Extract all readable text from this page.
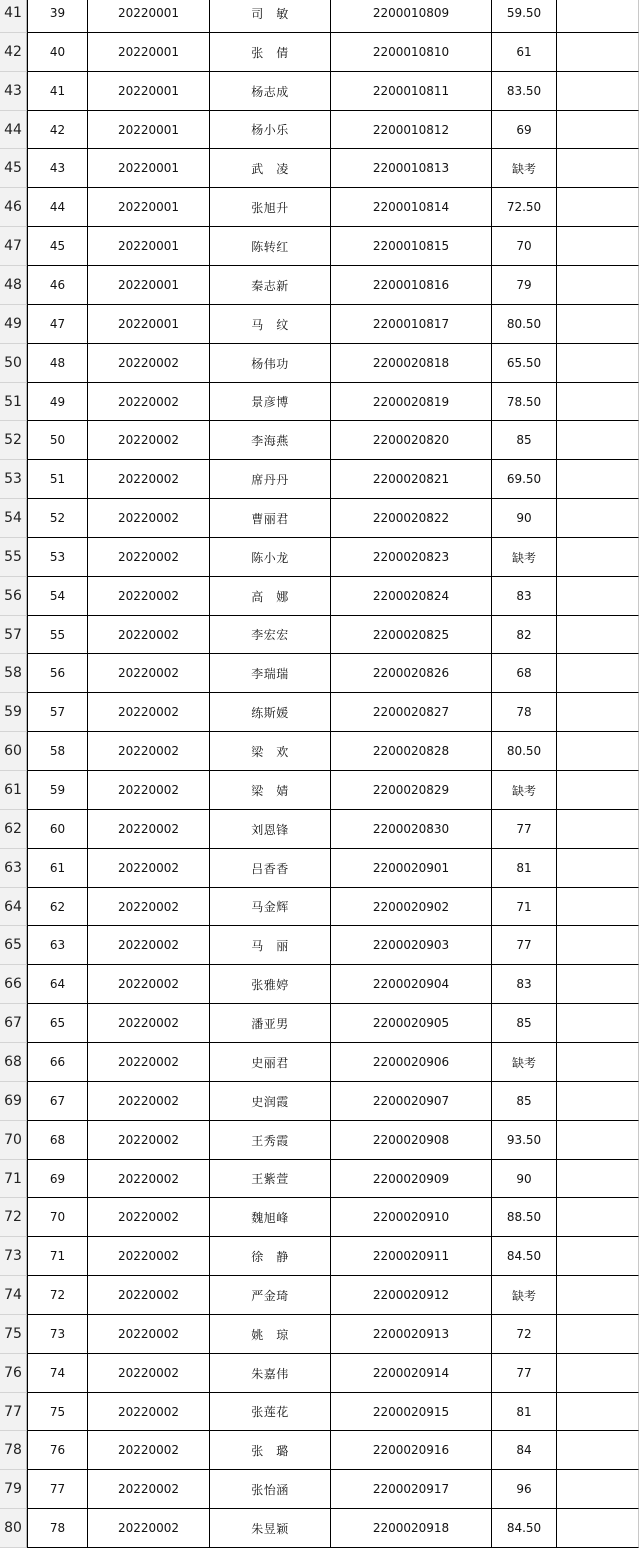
41	39	20220001	司　敏	2200010809	59.50
42	40	20220001	张　倩	2200010810	61
43	41	20220001	杨志成	2200010811	83.50
44	42	20220001	杨小乐	2200010812	69
45	43	20220001	武　凌	2200010813	缺考
46	44	20220001	张旭升	2200010814	72.50
47	45	20220001	陈转红	2200010815	70
48	46	20220001	秦志新	2200010816	79
49	47	20220001	马　纹	2200010817	80.50
50	48	20220002	杨伟功	2200020818	65.50
51	49	20220002	景彦博	2200020819	78.50
52	50	20220002	李海燕	2200020820	85
53	51	20220002	席丹丹	2200020821	69.50
54	52	20220002	曹丽君	2200020822	90
55	53	20220002	陈小龙	2200020823	缺考
56	54	20220002	高　娜	2200020824	83
57	55	20220002	李宏宏	2200020825	82
58	56	20220002	李瑞瑞	2200020826	68
59	57	20220002	练斯媛	2200020827	78
60	58	20220002	梁　欢	2200020828	80.50
61	59	20220002	梁　婧	2200020829	缺考
62	60	20220002	刘恩锋	2200020830	77
63	61	20220002	吕香香	2200020901	81
64	62	20220002	马金辉	2200020902	71
65	63	20220002	马　丽	2200020903	77
66	64	20220002	张雅婷	2200020904	83
67	65	20220002	潘亚男	2200020905	85
68	66	20220002	史丽君	2200020906	缺考
69	67	20220002	史润霞	2200020907	85
70	68	20220002	王秀霞	2200020908	93.50
71	69	20220002	王紫萱	2200020909	90
72	70	20220002	魏旭峰	2200020910	88.50
73	71	20220002	徐　静	2200020911	84.50
74	72	20220002	严金琦	2200020912	缺考
75	73	20220002	姚　琼	2200020913	72
76	74	20220002	朱嘉伟	2200020914	77
77	75	20220002	张莲花	2200020915	81
78	76	20220002	张　璐	2200020916	84
79	77	20220002	张怡涵	2200020917	96
80	78	20220002	朱昱颖	2200020918	84.50
